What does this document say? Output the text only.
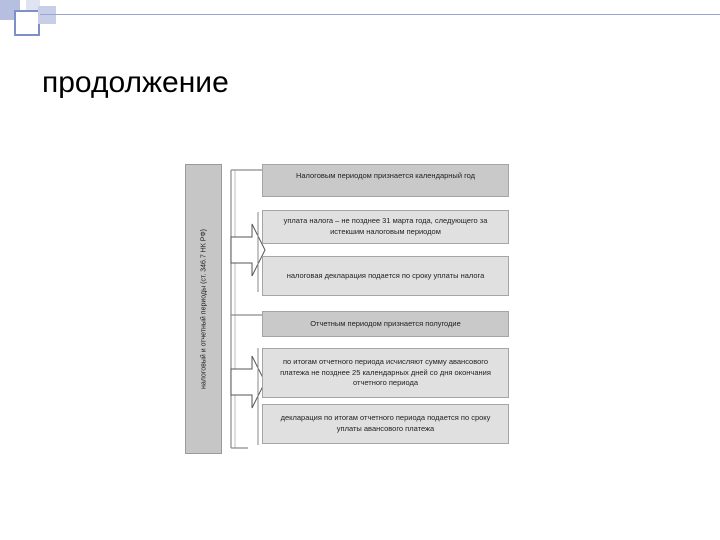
продолжение
налоговый и отчетный периоды (ст. 346.7 НК РФ)
Налоговым периодом признается календарный год
уплата налога – не позднее 31 марта года, следующего за истекшим налоговым периодом
налоговая декларация подается по сроку уплаты налога
Отчетным периодом признается полугодие
по итогам отчетного периода исчисляют сумму авансового платежа не позднее 25 календарных дней со дня окончания отчетного периода
декларация по итогам отчетного периода подается по сроку уплаты авансового платежа
